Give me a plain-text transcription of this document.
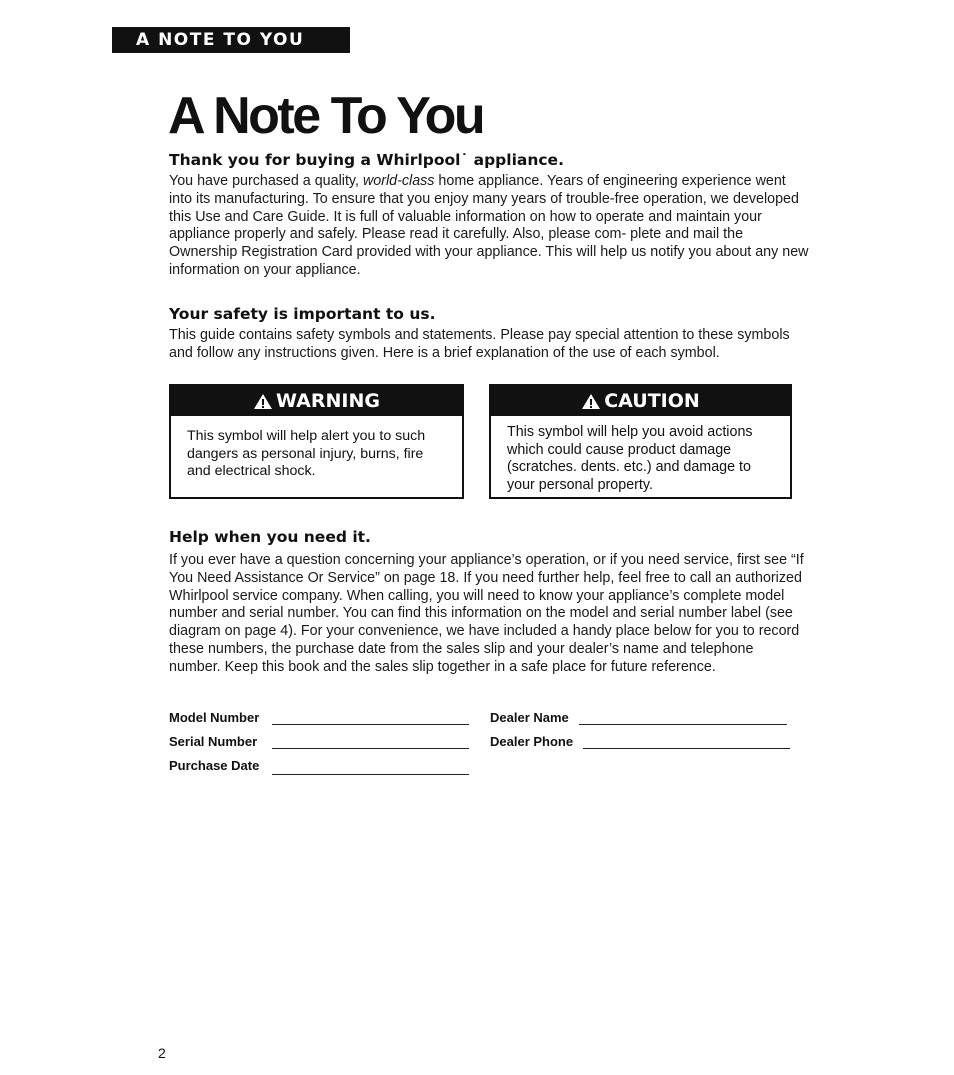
A NOTE TO YOU
A Note To You
Thank you for buying a Whirlpool˙ appliance.

You have purchased a quality, world-class home appliance. Years of engineering experience went into its manufacturing. To ensure that you enjoy many years of trouble-free operation, we developed this Use and Care Guide. It is full of valuable information on how to operate and maintain your appliance properly and safely. Please read it carefully. Also, please com- plete and mail the Ownership Registration Card provided with your appliance. This will help us notify you about any new information on your appliance.

Your safety is important to us.

This guide contains safety symbols and statements. Please pay special attention to these symbols and follow any instructions given. Here is a brief explanation of the use of each symbol.

WARNING

This symbol will help alert you to such dangers as personal injury, burns, fire and electrical shock.

CAUTION

This symbol will help you avoid actions which could cause product damage (scratches. dents. etc.) and damage to your personal property.

Help when you need it.

If you ever have a question concerning your appliance’s operation, or if you need service, first see “If You Need Assistance Or Service” on page 18. If you need further help, feel free to call an authorized Whirlpool service company. When calling, you will need to know your appliance’s complete model number and serial number. You can find this information on the model and serial number label (see diagram on page 4). For your convenience, we have included a handy place below for you to record these numbers, the purchase date from the sales slip and your dealer’s name and telephone number. Keep this book and the sales slip together in a safe place for future reference.

Model Number
Serial Number
Purchase Date
Dealer Name
Dealer Phone
2
